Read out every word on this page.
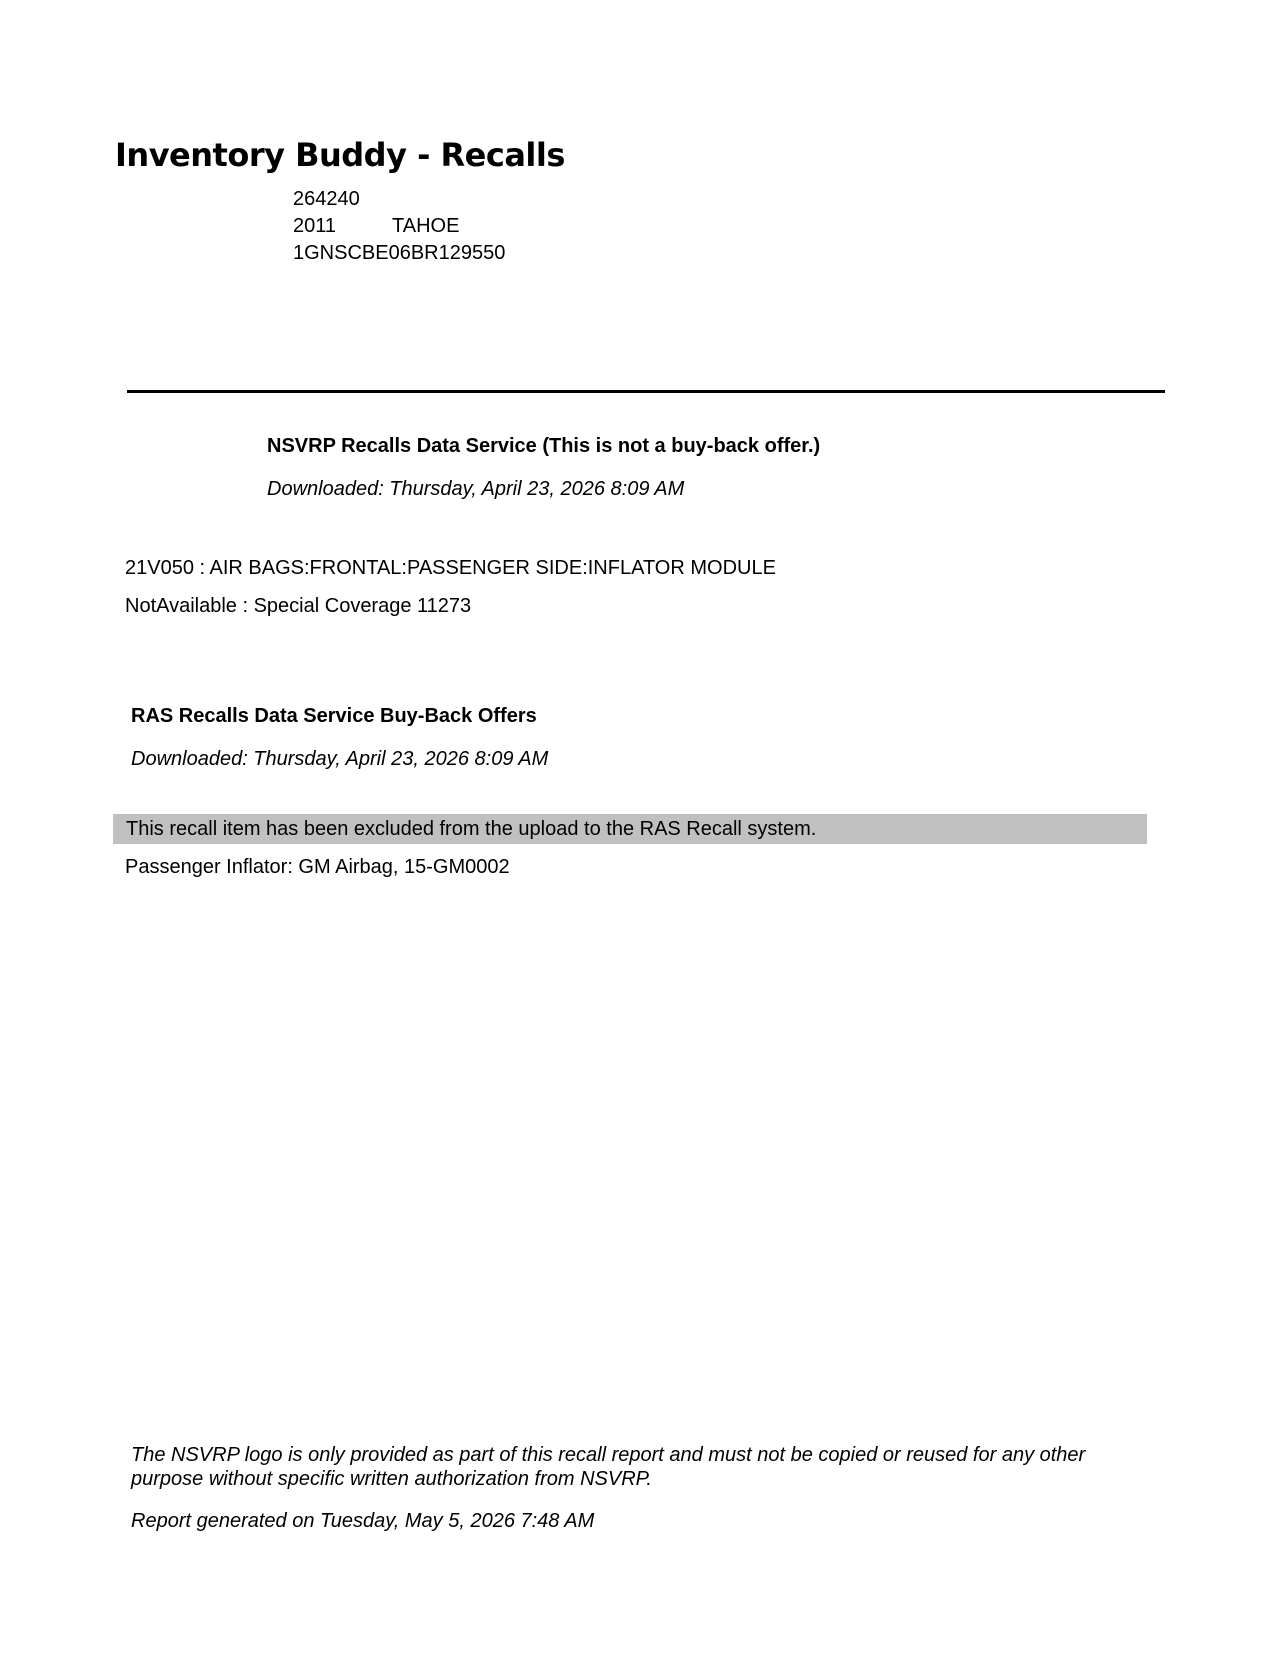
Inventory Buddy - Recalls
264240
2011	TAHOE
1GNSCBE06BR129550
NSVRP Recalls Data Service (This is not a buy-back offer.)
Downloaded: Thursday, April 23, 2026 8:09 AM
21V050 : AIR BAGS:FRONTAL:PASSENGER SIDE:INFLATOR MODULE
NotAvailable : Special Coverage 11273
RAS Recalls Data Service Buy-Back Offers
Downloaded: Thursday, April 23, 2026 8:09 AM
This recall item has been excluded from the upload to the RAS Recall system.
Passenger Inflator: GM Airbag, 15-GM0002
The NSVRP logo is only provided as part of this recall report and must not be copied or reused for any other purpose without specific written authorization from NSVRP.
Report generated on Tuesday, May 5, 2026 7:48 AM
